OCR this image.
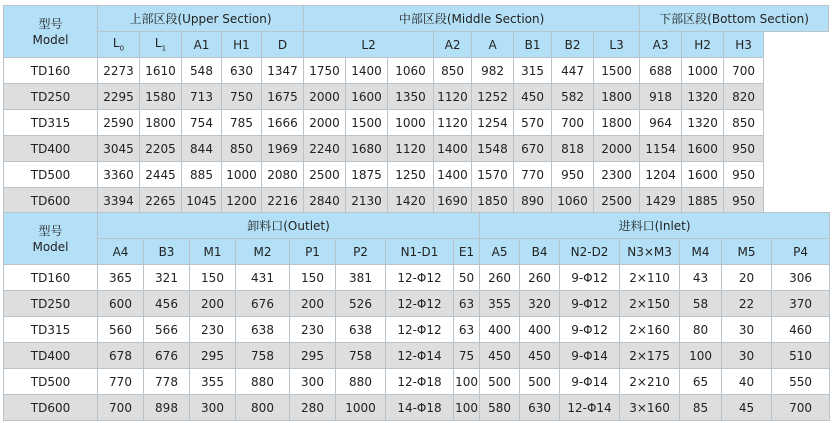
型号
Model	上部区段(Upper Section)					中部区段(Middle Section)								下部区段(Bottom Section)		
	$L_0$	$L_1$	A1	H1	D	L2			A2	A	B1	B2	L3	A3	H2	H3
TD160	2273	1610	548	630	1347	1750	1400	1060	850	982	315	447	1500	688	1000	700
TD250	2295	1580	713	750	1675	2000	1600	1350	1120	1252	450	582	1800	918	1320	820
TD315	2590	1800	754	785	1666	2000	1500	1000	1120	1254	570	700	1800	964	1320	850
TD400	3045	2205	844	850	1969	2240	1680	1120	1400	1548	670	818	2000	1154	1600	950
TD500	3360	2445	885	1000	2080	2500	1875	1250	1400	1570	770	950	2300	1204	1600	950
TD600	3394	2265	1045	1200	2216	2840	2130	1420	1690	1850	890	1060	2500	1429	1885	950
型号
Model	卸料口(Outlet)								进料口(Inlet)						
	A4	B3	M1	M2	P1	P2	N1-D1	E1	A5	B4	N2-D2	N3×M3	M4	M5	P4
TD160	365	321	150	431	150	381	12-Φ12	50	260	260	9-Φ12	2×110	43	20	306
TD250	600	456	200	676	200	526	12-Φ12	63	355	320	9-Φ12	2×150	58	22	370
TD315	560	566	230	638	230	638	12-Φ12	63	400	400	9-Φ12	2×160	80	30	460
TD400	678	676	295	758	295	758	12-Φ14	75	450	450	9-Φ14	2×175	100	30	510
TD500	770	778	355	880	300	880	12-Φ18	100	500	500	9-Φ14	2×210	65	40	550
TD600	700	898	300	800	280	1000	14-Φ18	100	580	630	12-Φ14	3×160	85	45	700
